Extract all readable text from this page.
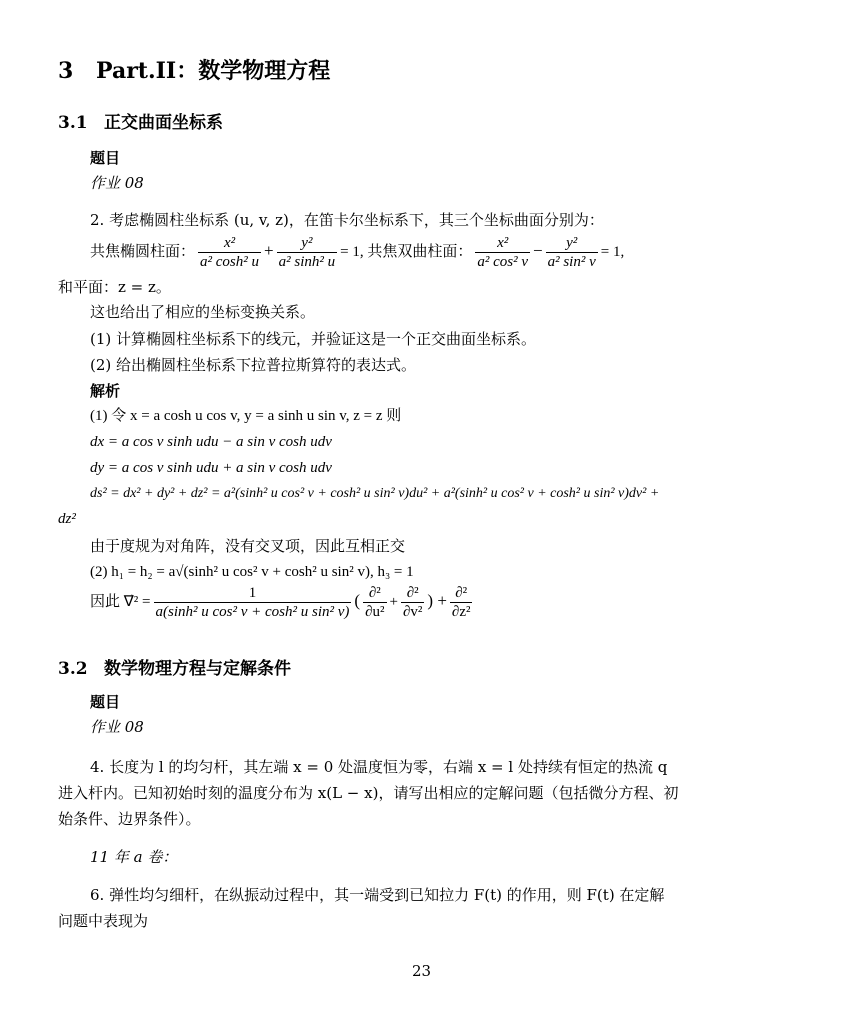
3 Part.II：数学物理方程
3.1 正交曲面坐标系
题目
作业 08
2. 考虑椭圆柱坐标系 (u, v, z)，在笛卡尔坐标系下，其三个坐标曲面分别为：
共焦椭圆柱面： $\frac{\text{x²}}{\text{a² cosh² u}} + \frac{\text{y²}}{\text{a² sinh² u}} = 1$, 共焦双曲柱面： $\frac{\text{x²}}{\text{a² cos² v}} - \frac{\text{y²}}{\text{a² sin² v}} = 1$,
和平面：z = z。
这也给出了相应的坐标变换关系。
(1) 计算椭圆柱坐标系下的线元，并验证这是一个正交曲面坐标系。
(2) 给出椭圆柱坐标系下拉普拉斯算符的表达式。
解析
(1) 令 x = a cosh u cos v, y = a sinh u sin v, z = z 则
dx = a cos v sinh udu − a sin v cosh udv
dy = a cos v sinh udu + a sin v cosh udv
ds² = dx² + dy² + dz² = a²(sinh² u cos² v + cosh² u sin² v)du² + a²(sinh² u cos² v + cosh² u sin² v)dv² +
dz²
由于度规为对角阵，没有交叉项，因此互相正交
(2) h₁ = h₂ = a√(sinh² u cos² v + cosh² u sin² v), h₃ = 1
因此 ∇⃗² = $\frac{1}{\text{a(sinh² u cos² v + cosh² u sin² v)}}$ ( $\frac{\text{∂²}}{\text{∂u²}} + \frac{\text{∂²}}{\text{∂v²}}$ ) + $\frac{\text{∂²}}{\text{∂z²}}$
3.2 数学物理方程与定解条件
题目
作业 08
4. 长度为 l 的均匀杆，其左端 x = 0 处温度恒为零，右端 x = l 处持续有恒定的热流 q
进入杆内。已知初始时刻的温度分布为 x(L − x)，请写出相应的定解问题（包括微分方程、初
始条件、边界条件）。
11 年 a 卷：
6. 弹性均匀细杆，在纵振动过程中，其一端受到已知拉力 F(t) 的作用，则 F(t) 在定解
问题中表现为
23
